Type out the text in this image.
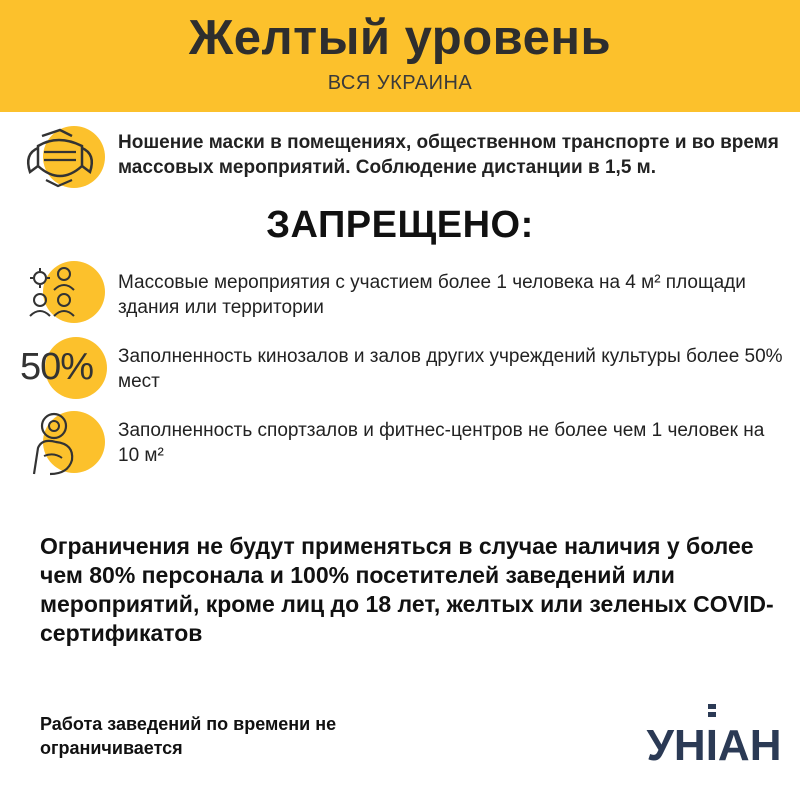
Желтый уровень
ВСЯ УКРАИНА
Ношение маски в помещениях, общественном транспорте и во время массовых мероприятий. Соблюдение дистанции в 1,5 м.
ЗАПРЕЩЕНО:
Массовые мероприятия с участием более 1 человека на 4 м² площади здания или территории
50% Заполненность кинозалов и залов других учреждений культуры более 50% мест
Заполненность спортзалов и фитнес-центров не более чем 1 человек на 10 м²
Ограничения не будут применяться в случае наличия у более чем 80% персонала и 100% посетителей заведений или мероприятий, кроме лиц до 18 лет, желтых или зеленых COVID-сертификатов
Работа заведений по времени не ограничивается	УНІАН
